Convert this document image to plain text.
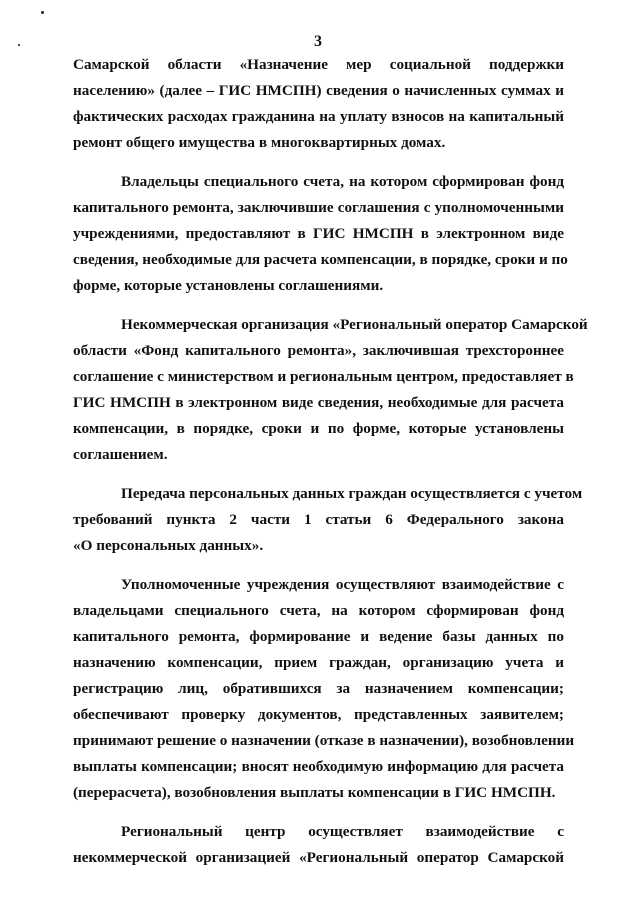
3

Самарской области «Назначение мер социальной поддержки
населению» (далее – ГИС НМСПН) сведения о начисленных суммах и
фактических расходах гражданина на уплату взносов на капитальный
ремонт общего имущества в многоквартирных домах.

Владельцы специального счета, на котором сформирован фонд
капитального ремонта, заключившие соглашения с уполномоченными
учреждениями, предоставляют в ГИС НМСПН в электронном виде
сведения, необходимые для расчета компенсации, в порядке, сроки и по
форме, которые установлены соглашениями.

Некоммерческая организация «Региональный оператор Самарской
области «Фонд капитального ремонта», заключившая трехстороннее
соглашение с министерством и региональным центром, предоставляет в
ГИС НМСПН в электронном виде сведения, необходимые для расчета
компенсации, в порядке, сроки и по форме, которые установлены
соглашением.

Передача персональных данных граждан осуществляется с учетом
требований пункта 2 части 1 статьи 6 Федерального закона
«О персональных данных».

Уполномоченные учреждения осуществляют взаимодействие с
владельцами специального счета, на котором сформирован фонд
капитального ремонта, формирование и ведение базы данных по
назначению компенсации, прием граждан, организацию учета и
регистрацию лиц, обратившихся за назначением компенсации;
обеспечивают проверку документов, представленных заявителем;
принимают решение о назначении (отказе в назначении), возобновлении
выплаты компенсации; вносят необходимую информацию для расчета
(перерасчета), возобновления выплаты компенсации в ГИС НМСПН.

Региональный центр осуществляет взаимодействие с
некоммерческой организацией «Региональный оператор Самарской
